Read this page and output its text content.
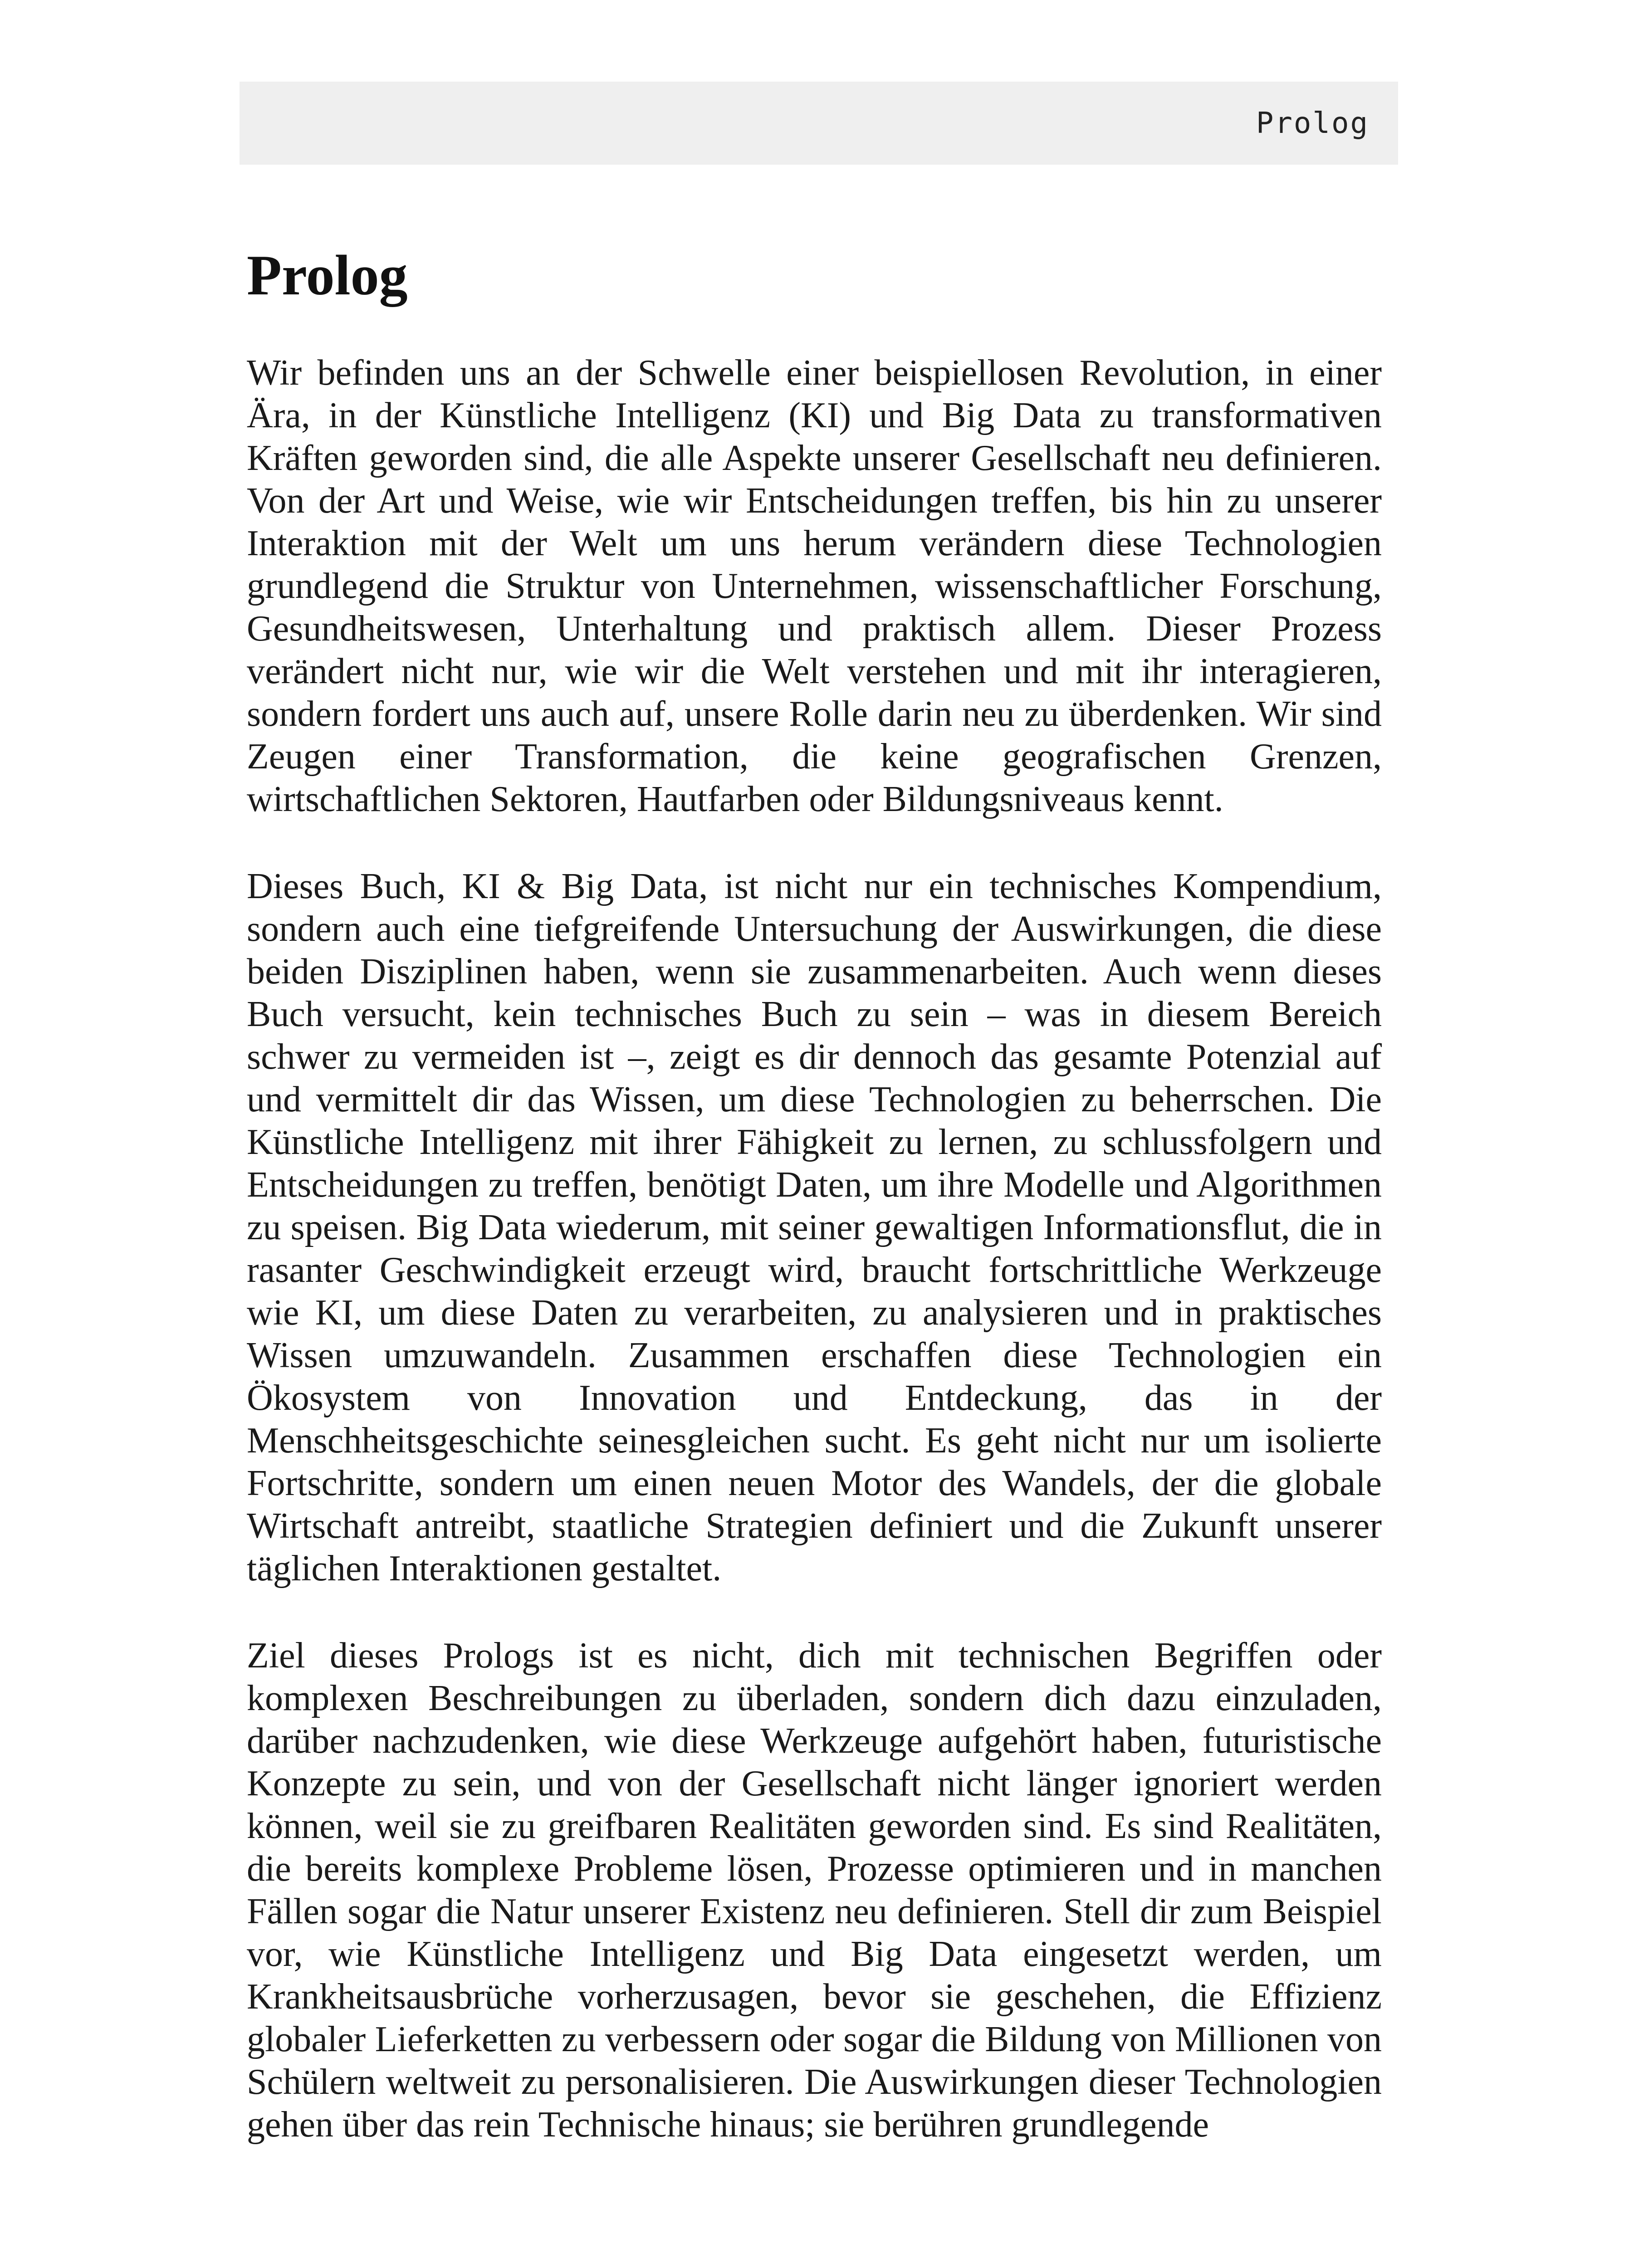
Prolog
Prolog

Wir befinden uns an der Schwelle einer beispiellosen Revolution, in einer Ära, in der Künstliche Intelligenz (KI) und Big Data zu transformativen Kräften geworden sind, die alle Aspekte unserer Gesellschaft neu definieren. Von der Art und Weise, wie wir Entscheidungen treffen, bis hin zu unserer Interaktion mit der Welt um uns herum verändern diese Technologien grundlegend die Struktur von Unternehmen, wissenschaftlicher Forschung, Gesundheitswesen, Unterhaltung und praktisch allem. Dieser Prozess verändert nicht nur, wie wir die Welt verstehen und mit ihr interagieren, sondern fordert uns auch auf, unsere Rolle darin neu zu überdenken. Wir sind Zeugen einer Transformation, die keine geografischen Grenzen, wirtschaftlichen Sektoren, Hautfarben oder Bildungsniveaus kennt.

Dieses Buch, KI & Big Data, ist nicht nur ein technisches Kompendium, sondern auch eine tiefgreifende Untersuchung der Auswirkungen, die diese beiden Disziplinen haben, wenn sie zusammenarbeiten. Auch wenn dieses Buch versucht, kein technisches Buch zu sein – was in diesem Bereich schwer zu vermeiden ist –, zeigt es dir dennoch das gesamte Potenzial auf und vermittelt dir das Wissen, um diese Technologien zu beherrschen. Die Künstliche Intelligenz mit ihrer Fähigkeit zu lernen, zu schlussfolgern und Entscheidungen zu treffen, benötigt Daten, um ihre Modelle und Algorithmen zu speisen. Big Data wiederum, mit seiner gewaltigen Informationsflut, die in rasanter Geschwindigkeit erzeugt wird, braucht fortschrittliche Werkzeuge wie KI, um diese Daten zu verarbeiten, zu analysieren und in praktisches Wissen umzuwandeln. Zusammen erschaffen diese Technologien ein Ökosystem von Innovation und Entdeckung, das in der Menschheitsgeschichte seinesgleichen sucht. Es geht nicht nur um isolierte Fortschritte, sondern um einen neuen Motor des Wandels, der die globale Wirtschaft antreibt, staatliche Strategien definiert und die Zukunft unserer täglichen Interaktionen gestaltet.

Ziel dieses Prologs ist es nicht, dich mit technischen Begriffen oder komplexen Beschreibungen zu überladen, sondern dich dazu einzuladen, darüber nachzudenken, wie diese Werkzeuge aufgehört haben, futuristische Konzepte zu sein, und von der Gesellschaft nicht länger ignoriert werden können, weil sie zu greifbaren Realitäten geworden sind. Es sind Realitäten, die bereits komplexe Probleme lösen, Prozesse optimieren und in manchen Fällen sogar die Natur unserer Existenz neu definieren. Stell dir zum Beispiel vor, wie Künstliche Intelligenz und Big Data eingesetzt werden, um Krankheitsausbrüche vorherzusagen, bevor sie geschehen, die Effizienz globaler Lieferketten zu verbessern oder sogar die Bildung von Millionen von Schülern weltweit zu personalisieren. Die Auswirkungen dieser Technologien gehen über das rein Technische hinaus; sie berühren grundlegende
